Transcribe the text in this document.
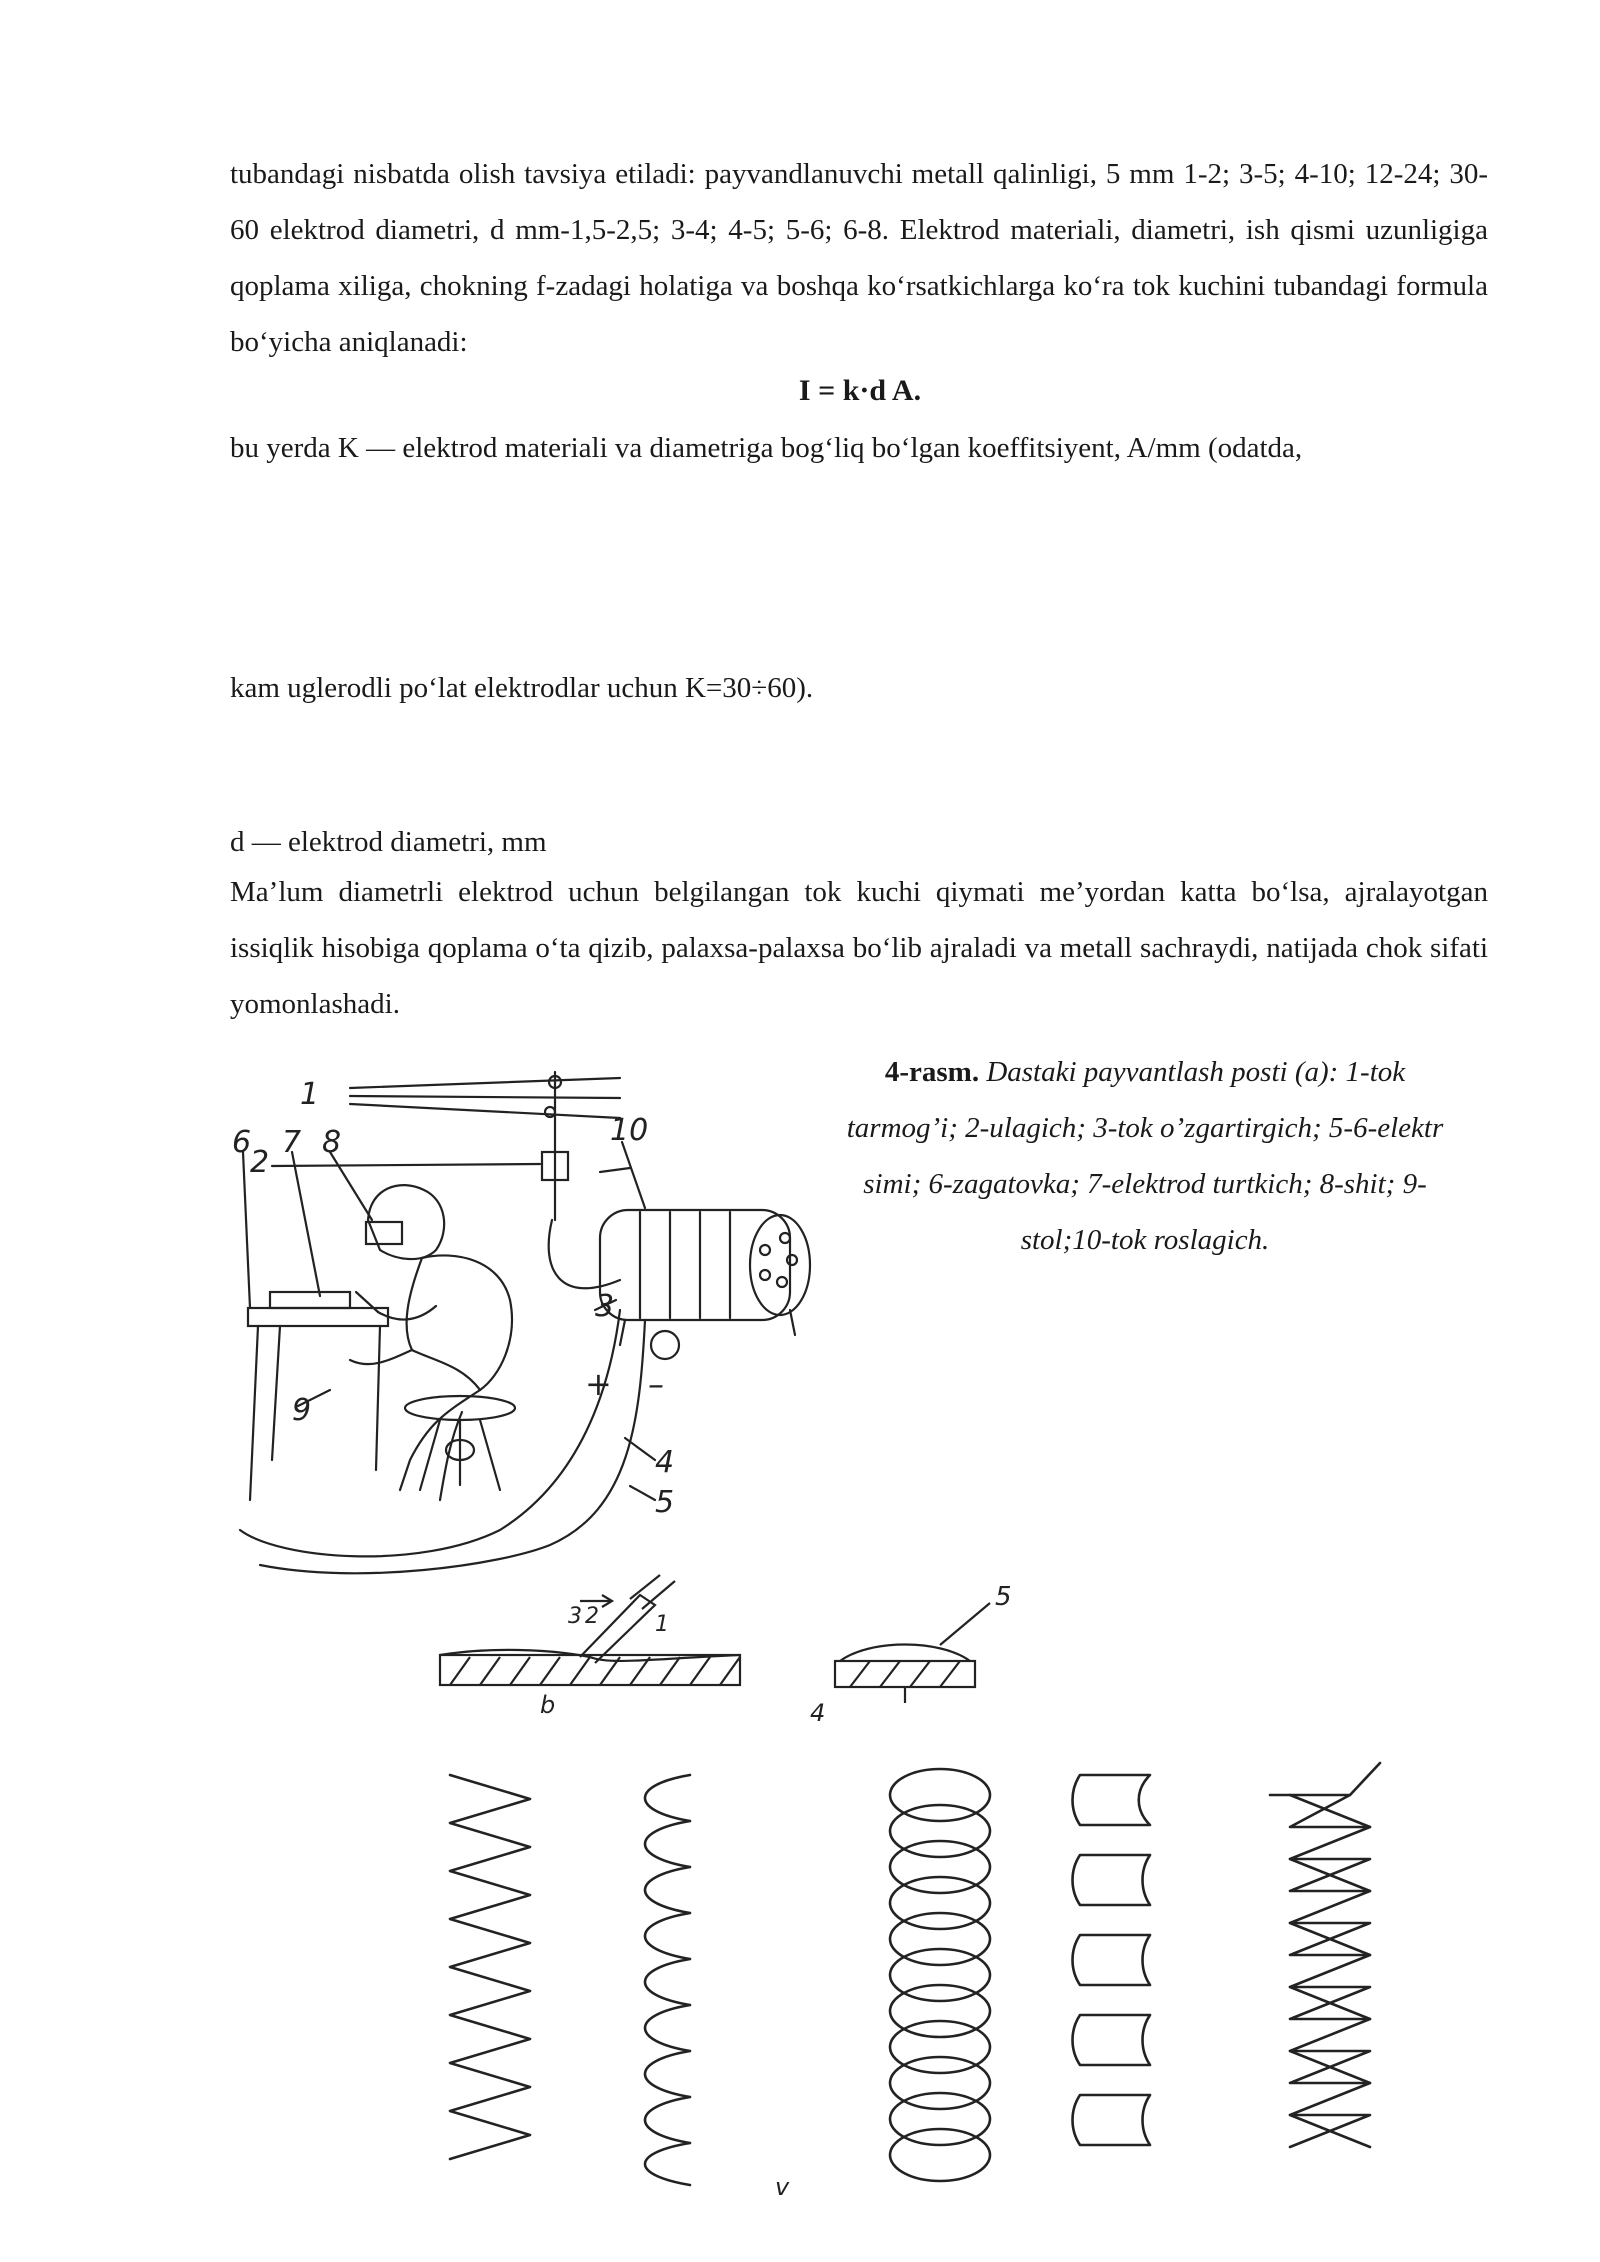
tubandagi nisbatda olish tavsiya etiladi: payvandlanuvchi metall qalinligi, 5 mm 1-2; 3-5; 4-10; 12-24; 30- 60 elektrod diametri, d mm-1,5-2,5; 3-4; 4-5; 5-6; 6-8. Elektrod materiali, diametri, ish qismi uzunligiga qoplama xiliga, chokning f-zadagi holatiga va boshqa koʻrsatkichlarga koʻra tok kuchini tubandagi formula boʻyicha aniqlanadi:

I = k·d A.

bu yerda K — elektrod materiali va diametriga bogʻliq boʻlgan koeffitsiyent, A/mm (odatda,

kam uglerodli poʻlat elektrodlar uchun K=30÷60).

d — elektrod diametri, mm

Ma’lum diametrli elektrod uchun belgilangan tok kuchi qiymati me’yordan katta boʻlsa, ajralayotgan issiqlik hisobiga qoplama oʻta qizib, palaxsa-palaxsa boʻlib ajraladi va metall sachraydi, natijada chok sifati yomonlashadi.

4-rasm. Dastaki payvantlash posti (a): 1-tok tarmog’i; 2-ulagich; 3-tok o’zgartirgich; 5-6-elektr simi; 6-zagatovka; 7-elektrod turtkich; 8-shit; 9-stol;10-tok roslagich.

1
2
3
4
5
6 7 8
9
10
+ –
3 2	1
b
5
4
v
